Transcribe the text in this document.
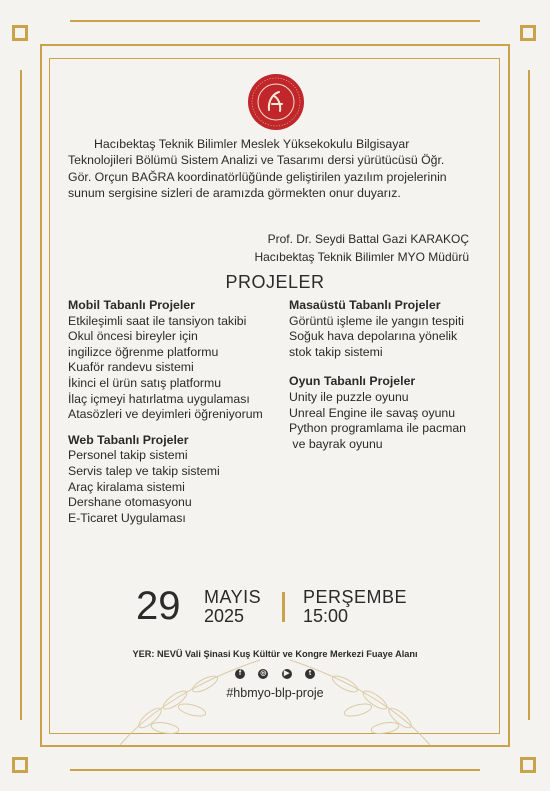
Hacıbektaş Teknik Bilimler Meslek Yüksekokulu Bilgisayar Teknolojileri Bölümü Sistem Analizi ve Tasarımı dersi yürütücüsü Öğr. Gör. Orçun BAĞRA koordinatörlüğünde geliştirilen yazılım projelerinin sunum sergisine sizleri de aramızda görmekten onur duyarız.

Prof. Dr. Seydi Battal Gazi KARAKOÇ
Hacıbektaş Teknik Bilimler MYO Müdürü
PROJELER
Mobil Tabanlı Projeler
Etkileşimli saat ile tansiyon takibi
Okul öncesi bireyler için
ingilizce öğrenme platformu
Kuaför randevu sistemi
İkinci el ürün satış platformu
İlaç içmeyi hatırlatma uygulaması
Atasözleri ve deyimleri öğreniyorum
Web Tabanlı Projeler
Personel takip sistemi
Servis talep ve takip sistemi
Araç kiralama sistemi
Dershane otomasyonu
E-Ticaret Uygulaması
Masaüstü Tabanlı Projeler
Görüntü işleme ile yangın tespiti
Soğuk hava depolarına yönelik
stok takip sistemi
Oyun Tabanlı Projeler
Unity ile puzzle oyunu
Unreal Engine ile savaş oyunu
Python programlama ile pacman
ve bayrak oyunu
29 MAYIS
2025
PERŞEMBE
15:00
YER: NEVÜ Vali Şinasi Kuş Kültür ve Kongre Merkezi Fuaye Alanı
f	◎	▶	t
#hbmyo-blp-proje
